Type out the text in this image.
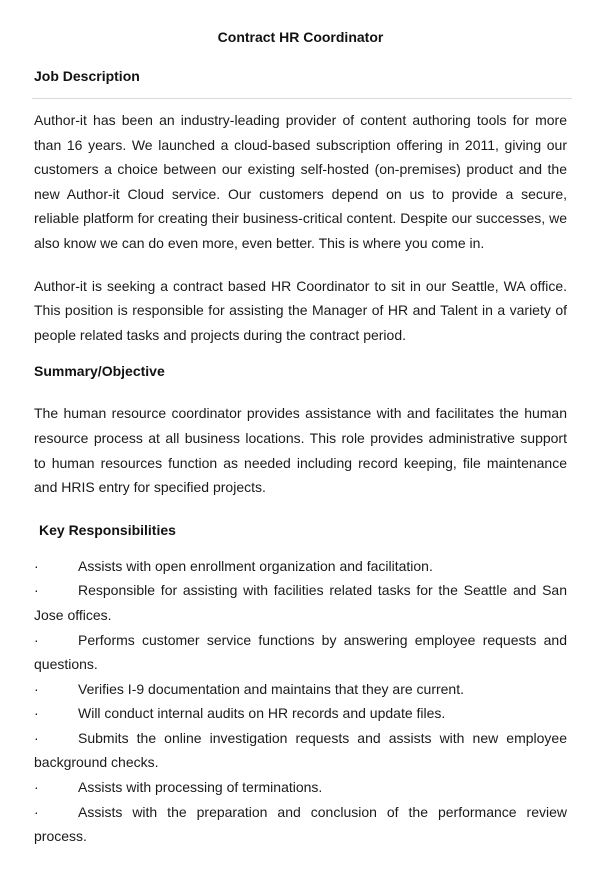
Contract HR Coordinator
Job Description

Author-it has been an industry-leading provider of content authoring tools for more than 16 years. We launched a cloud-based subscription offering in 2011, giving our customers a choice between our existing self-hosted (on-premises) product and the new Author-it Cloud service. Our customers depend on us to provide a secure, reliable platform for creating their business-critical content. Despite our successes, we also know we can do even more, even better. This is where you come in.

Author-it is seeking a contract based HR Coordinator to sit in our Seattle, WA office. This position is responsible for assisting the Manager of HR and Talent in a variety of people related tasks and projects during the contract period.

Summary/Objective

The human resource coordinator provides assistance with and facilitates the human resource process at all business locations. This role provides administrative support to human resources function as needed including record keeping, file maintenance and HRIS entry for specified projects.

Key Responsibilities

·	Assists with open enrollment organization and facilitation.

·	Responsible for assisting with facilities related tasks for the Seattle and San Jose offices.

·	Performs customer service functions by answering employee requests and questions.

·	Verifies I-9 documentation and maintains that they are current.

·	Will conduct internal audits on HR records and update files.

·	Submits the online investigation requests and assists with new employee background checks.

·	Assists with processing of terminations.

·	Assists with the preparation and conclusion of the performance review process.
